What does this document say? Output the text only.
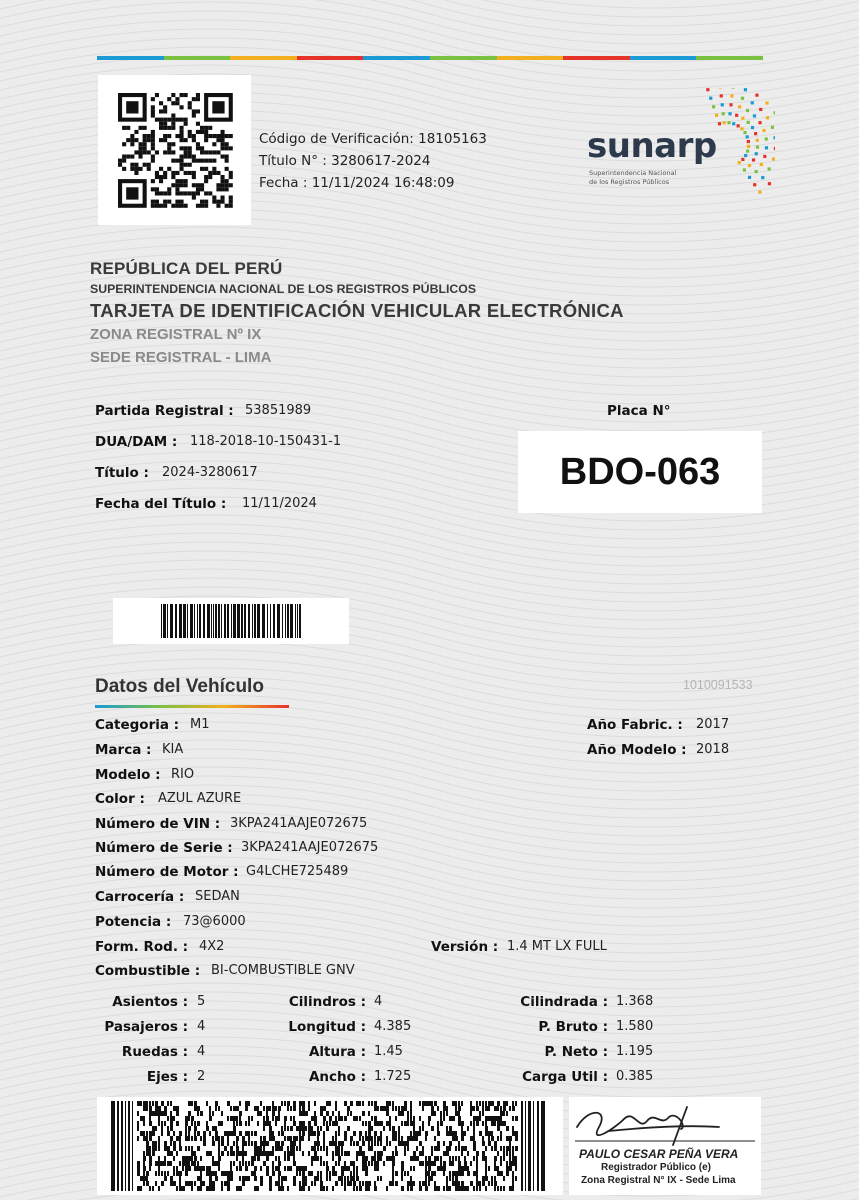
Código de Verificación: 18105163
Título N° : 3280617-2024
Fecha : 11/11/2024 16:48:09
sunarp
Superintendencia Nacional
de los Registros Públicos
REPÚBLICA DEL PERÚ
SUPERINTENDENCIA NACIONAL DE LOS REGISTROS PÚBLICOS
TARJETA DE IDENTIFICACIÓN VEHICULAR ELECTRÓNICA
ZONA REGISTRAL Nº IX
SEDE REGISTRAL - LIMA
Partida Registral : 53851989
DUA/DAM : 118-2018-10-150431-1
Título : 2024-3280617
Fecha del Título : 11/11/2024
Placa N°
BDO-063
Datos del Vehículo	1010091533
Categoria : M1
Marca : KIA
Modelo : RIO
Color : AZUL AZURE
Número de VIN : 3KPA241AAJE072675
Número de Serie : 3KPA241AAJE072675
Número de Motor : G4LCHE725489
Carrocería : SEDAN
Potencia : 73@6000
Form. Rod. : 4X2	Versión : 1.4 MT LX FULL
Combustible : BI-COMBUSTIBLE GNV
Año Fabric. : 2017
Año Modelo : 2018
Asientos : 5
Pasajeros : 4
Ruedas : 4
Ejes : 2
Cilindros : 4
Longitud : 4.385
Altura : 1.45
Ancho : 1.725
Cilindrada : 1.368
P. Bruto : 1.580
P. Neto : 1.195
Carga Util : 0.385
PAULO CESAR PEÑA VERA
Registrador Público (e)
Zona Registral N° IX - Sede Lima
